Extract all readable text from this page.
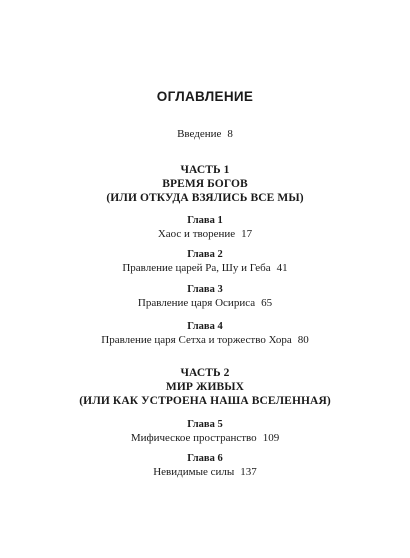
ОГЛАВЛЕНИЕ
Введение 8
ЧАСТЬ 1
ВРЕМЯ БОГОВ
(ИЛИ ОТКУДА ВЗЯЛИСЬ ВСЕ МЫ)
Глава 1
Хаос и творение 17
Глава 2
Правление царей Ра, Шу и Геба 41
Глава 3
Правление царя Осириса 65
Глава 4
Правление царя Сетха и торжество Хора 80
ЧАСТЬ 2
МИР ЖИВЫХ
(ИЛИ КАК УСТРОЕНА НАША ВСЕЛЕННАЯ)
Глава 5
Мифическое пространство 109
Глава 6
Невидимые силы 137
